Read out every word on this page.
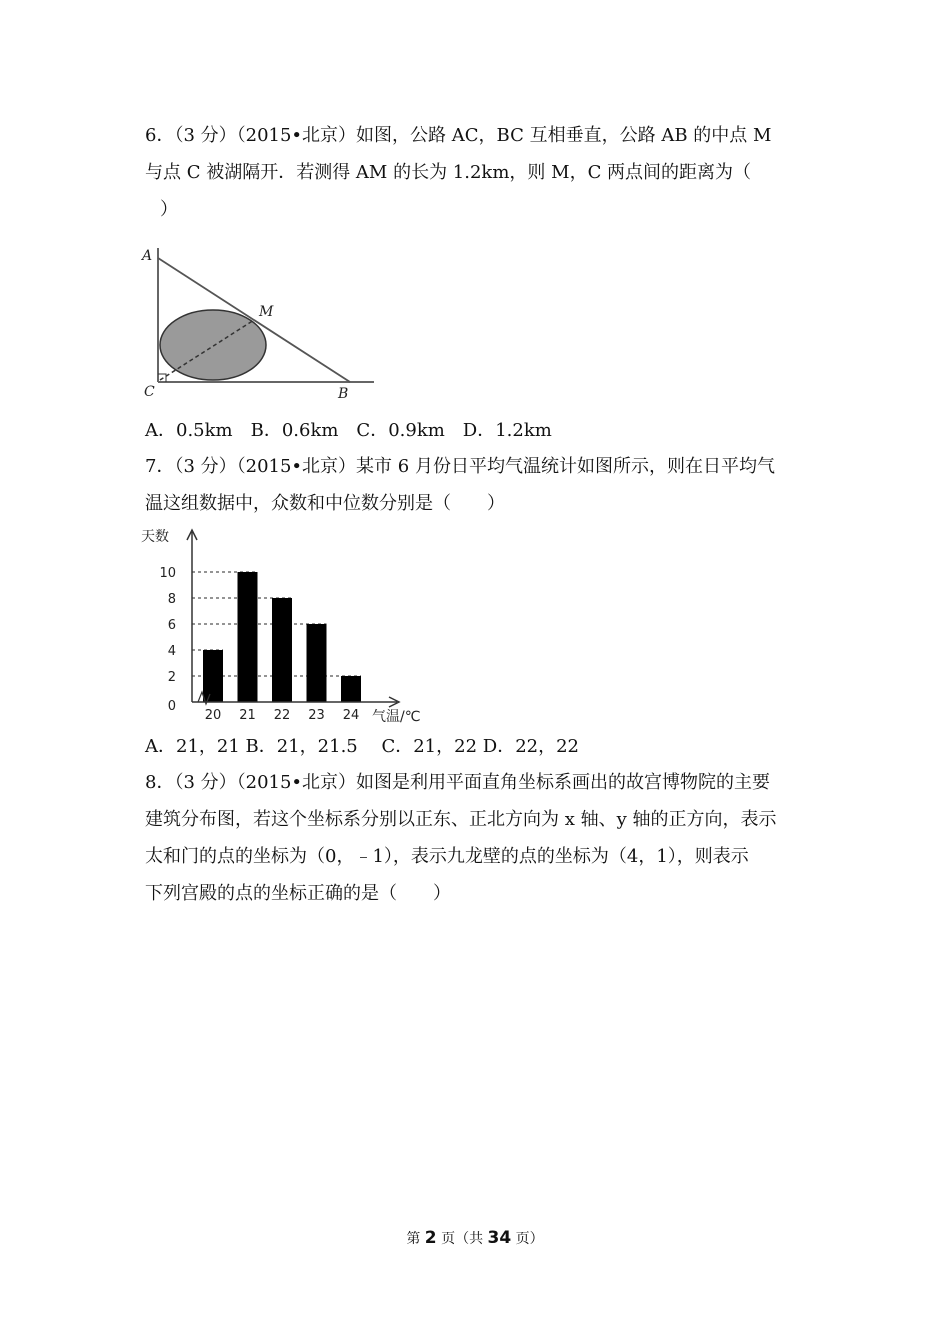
6．（3 分）（2015•北京）如图，公路 AC，BC 互相垂直，公路 AB 的中点 M
与点 C 被湖隔开．若测得 AM 的长为 1.2km，则 M，C 两点间的距离为（
）
A
C	B
M
A．0.5km　B．0.6km　C．0.9km　D．1.2km
7．（3 分）（2015•北京）某市 6 月份日平均气温统计如图所示，则在日平均气
温这组数据中，众数和中位数分别是（　　）
天数
气温/℃
0
2
4
6
8
10
20 21 22 23 24
A．21，21 B．21，21.5　 C．21，22 D．22，22
8．（3 分）（2015•北京）如图是利用平面直角坐标系画出的故宫博物院的主要
建筑分布图，若这个坐标系分别以正东、正北方向为 x 轴、y 轴的正方向，表示
太和门的点的坐标为（0，﹣1），表示九龙壁的点的坐标为（4，1），则表示
下列宫殿的点的坐标正确的是（　　）
第 2 页（共 34 页）
